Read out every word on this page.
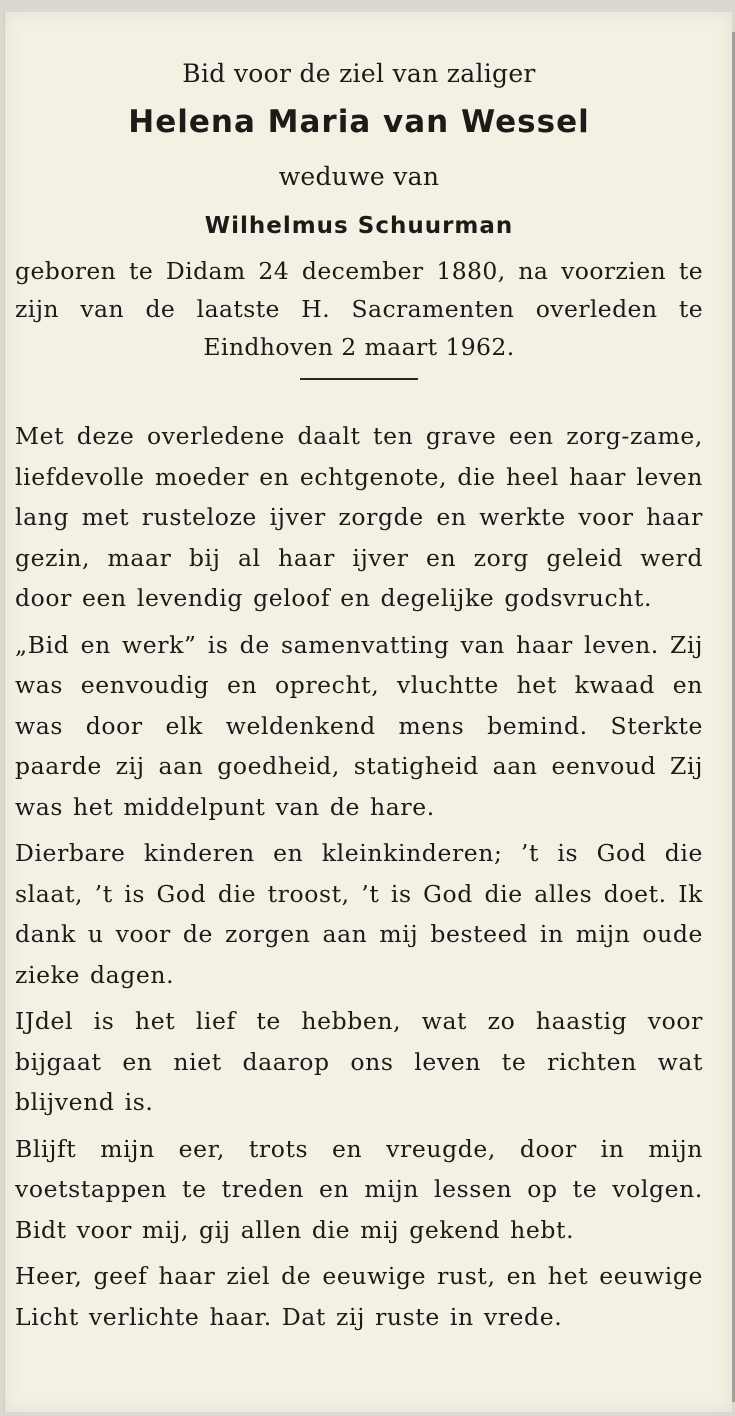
Bid voor de ziel van zaliger
Helena Maria van Wessel
weduwe van
Wilhelmus Schuurman
geboren te Didam 24 december 1880, na voorzien te zijn van de laatste H. Sacramenten overleden te Eindhoven 2 maart 1962.

Met deze overledene daalt ten grave een zorg-zame, liefdevolle moeder en echtgenote, die heel haar leven lang met rusteloze ijver zorgde en werkte voor haar gezin, maar bij al haar ijver en zorg geleid werd door een levendig geloof en degelijke godsvrucht.

„Bid en werk” is de samenvatting van haar leven. Zij was eenvoudig en oprecht, vluchtte het kwaad en was door elk weldenkend mens bemind. Sterkte paarde zij aan goedheid, statigheid aan eenvoud Zij was het middelpunt van de hare.

Dierbare kinderen en kleinkinderen; ’t is God die slaat, ’t is God die troost, ’t is God die alles doet. Ik dank u voor de zorgen aan mij besteed in mijn oude zieke dagen.

IJdel is het lief te hebben, wat zo haastig voor bijgaat en niet daarop ons leven te richten wat blijvend is.

Blijft mijn eer, trots en vreugde, door in mijn voetstappen te treden en mijn lessen op te volgen. Bidt voor mij, gij allen die mij gekend hebt.

Heer, geef haar ziel de eeuwige rust, en het eeuwige Licht verlichte haar. Dat zij ruste in vrede.
